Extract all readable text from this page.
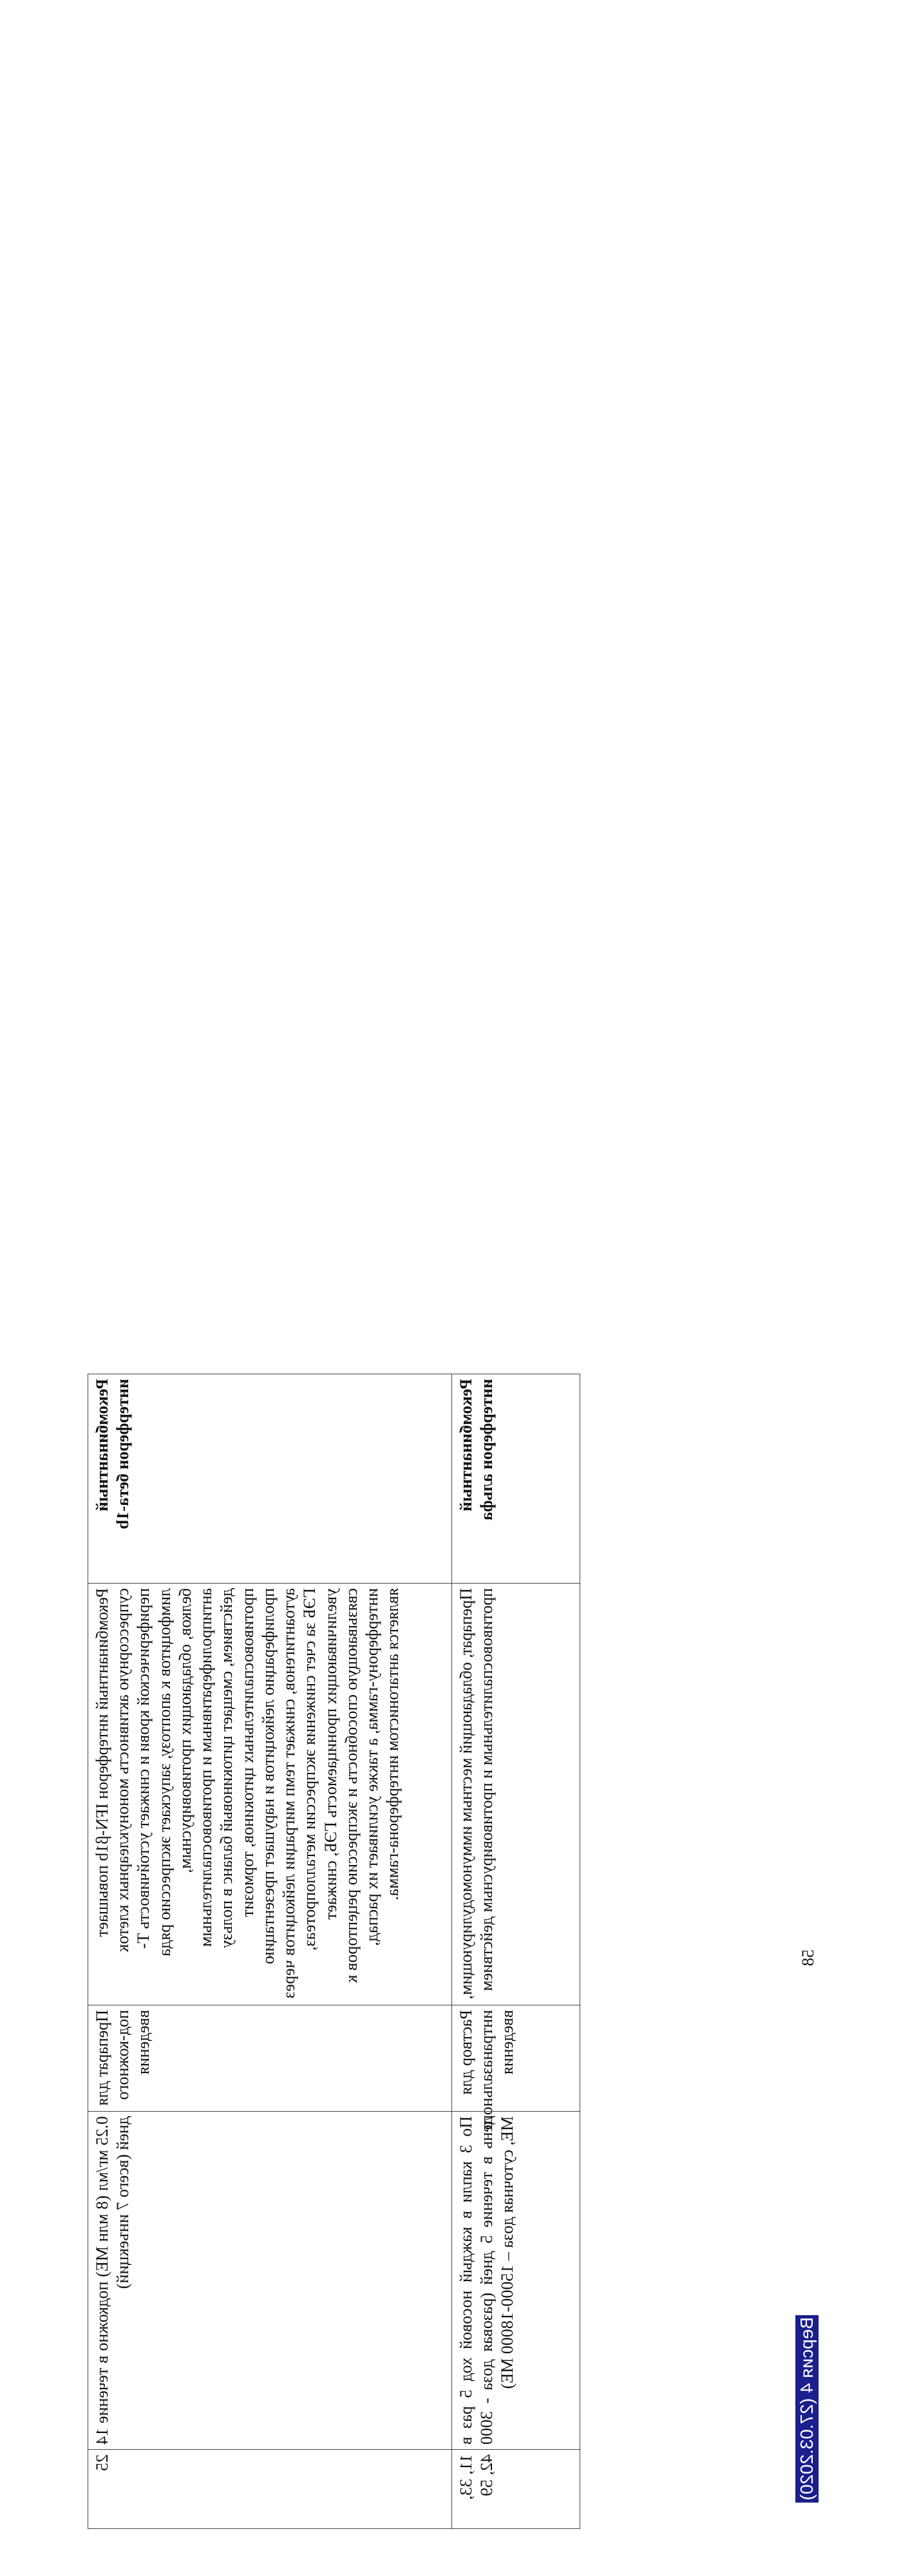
Рекомбинантный интерферон бета-1b	Рекомбинантный интерферон IFN-β1b повышает супрессорную активность мононуклеарных клеток периферической крови и снижает устойчивость Т-лимфоцитов к апоптозу, запускает экспрессию ряда белков, обладающих противовирусным, антипролиферативным и противовоспалительным действием, смещает цитокиновый баланс в пользу противовоспалительных цитокинов, тормозит пролиферацию лейкоцитов и нарушает презентацию аутоантигенов, снижает темп миграции лейкоцитов через ГЭБ за счет снижения экспрессии металлопротеаз, увеличивающих проницаемость ГЭБ, снижает связывающую способность и экспрессию рецепторов к интерферону-гамма, а также усиливает их распад, является антагонистом интерферона-гамма.	Препарат для под-кожного введения	0.25 мг/мл (8 млн МЕ) подкожно в течение 14 дней (всего 7 инъекций)	25
Рекомбинантный интерферон альфа	Препарат, обладающий местным иммуномодулирующим, противовоспалительным и противовирусным действием	Раствор для интраназального введения	По 3 капли в каждый носовой ход 5 раз в день в течение 5 дней (разовая доза - 3000 МЕ, суточная доза – 15000-18000 МЕ)	11, 33, 42, 59
58
Версия 4 (27.03.2020)
